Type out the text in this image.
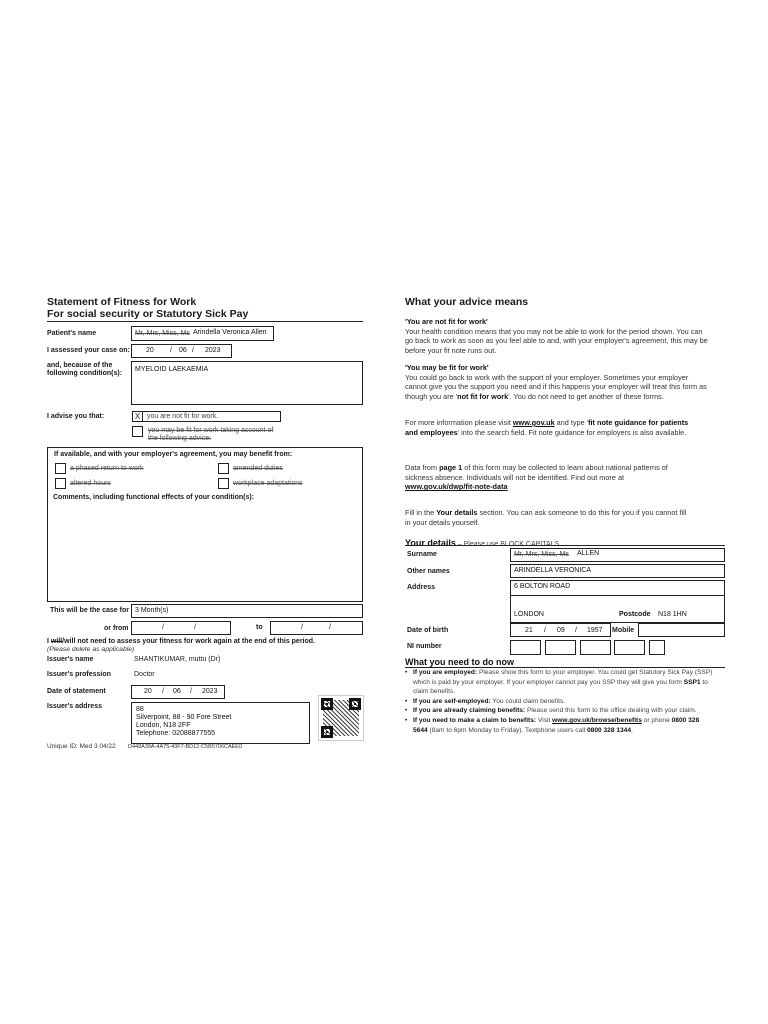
Statement of Fitness for Work
For social security or Statutory Sick Pay
Patient's name	Mr, Mrs, Miss, Ms Arindella Veronica Allen
I assessed your case on: 20 / 06 / 2023
and, because of the
following condition(s):
MYELOID LAEKAEMIA
I advise you that:	X you are not fit for work.
you may be fit for work taking account of
the following advice:
If available, and with your employer's agreement, you may benefit from:
a phased return to work	amended duties
altered hours	workplace adaptations
Comments, including functional effects of your condition(s):
This will be the case for 3 Month(s)
or from	/	/	to	/	/
I will/will not need to assess your fitness for work again at the end of this period.
(Please delete as applicable)
Issuer's name	SHANTIKUMAR, muttu (Dr)
Issuer's profession	Doctor
Date of statement	20 / 06 / 2023
Issuer's address	88
Silverpoint, 88 - 90 Fore Street
London, N18 2FF
Telephone: 02088877555
Unique ID: Med 3 04/22 D448A39A-4A75-43F7-BD12-C5B5706CAEE0
What your advice means
'You are not fit for work'
Your health condition means that you may not be able to work for the period shown. You can go back to work as soon as you feel able to and, with your employer's agreement, this may be before your fit note runs out.
'You may be fit for work'
You could go back to work with the support of your employer. Sometimes your employer cannot give you the support you need and if this happens your employer will treat this form as though you are 'not fit for work'. You do not need to get another of these forms.
For more information please visit www.gov.uk and type 'fit note guidance for patients and employees' into the search field. Fit note guidance for employers is also available.
Data from page 1 of this form may be collected to learn about national patterns of sickness absence. Individuals will not be identified. Find out more at www.gov.uk/dwp/fit-note-data
Fill in the Your details section. You can ask someone to do this for you if you cannot fill in your details yourself.
Your details – Please use BLOCK CAPITALS
Surname	Mr, Mrs, Miss, Ms ALLEN
Other names	ARINDELLA VERONICA
Address	6 BOLTON ROAD
LONDON	Postcode N18 1HN
Date of birth	21 / 09 / 1957 Mobile
NI number
What you need to do now
• If you are employed: Please show this form to your employer. You could get Statutory Sick Pay (SSP) which is paid by your employer. If your employer cannot pay you SSP they will give you form SSP1 to claim benefits.
• If you are self-employed: You could claim benefits.
• If you are already claiming benefits: Please send this form to the office dealing with your claim.
• If you need to make a claim to benefits: Visit www.gov.uk/browse/benefits or phone 0800 328 5644 (8am to 6pm Monday to Friday). Textphone users call 0800 328 1344.
